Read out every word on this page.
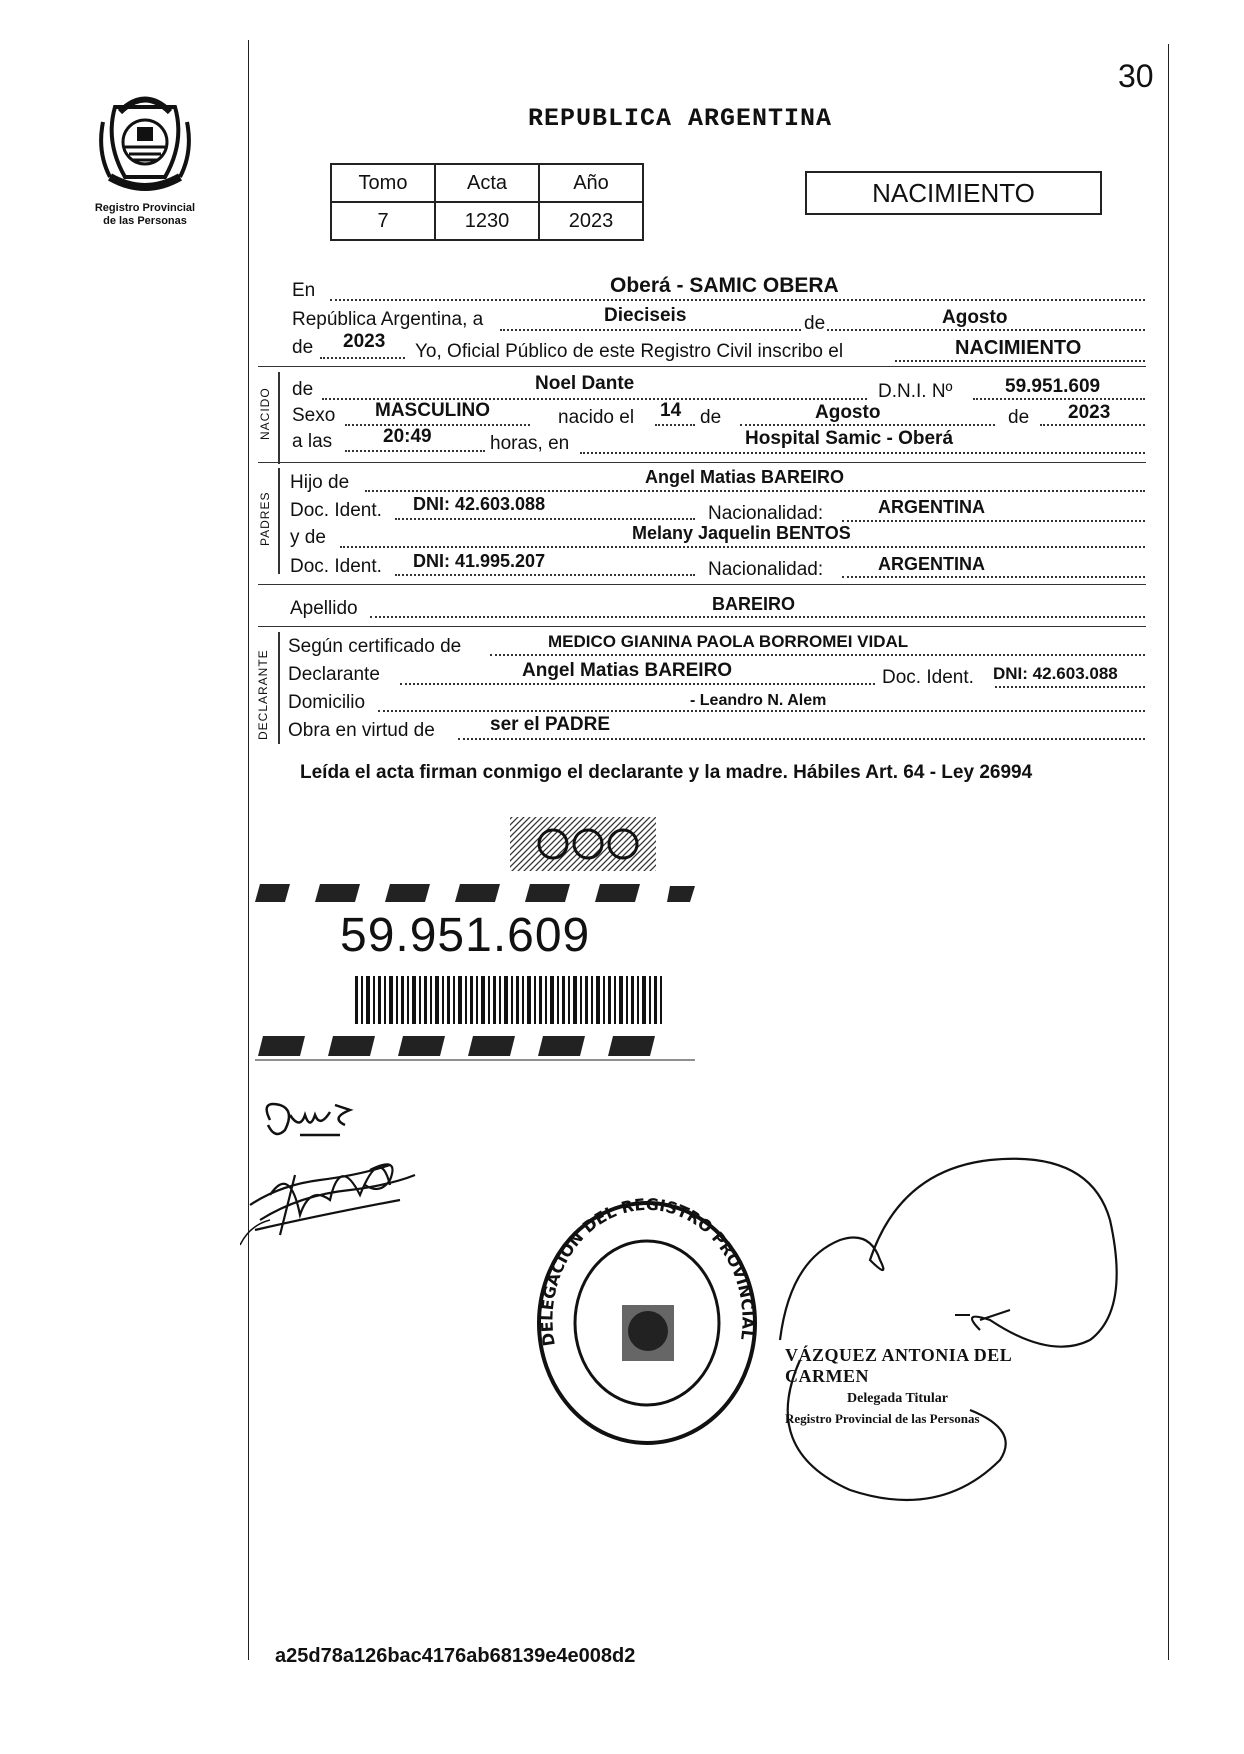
30
Registro Provincial
de las Personas
REPUBLICA ARGENTINA
Tomo	Acta	Año
7	1230	2023
NACIMIENTO
En	Oberá - SAMIC OBERA
República Argentina, a	Dieciseis	de	Agosto
de 2023 Yo, Oficial Público de este Registro Civil inscribo el	NACIMIENTO
NACIDO de	Noel Dante	D.N.I. Nº	59.951.609
Sexo MASCULINO	nacido el 14 de	Agosto	de 2023
a las	20:49	horas, en	Hospital Samic - Oberá
PADRES
Hijo de	Angel Matias BAREIRO
Doc. Ident. DNI: 42.603.088	Nacionalidad:	ARGENTINA
y de	Melany Jaquelin BENTOS
Doc. Ident. DNI: 41.995.207	Nacionalidad:	ARGENTINA
Apellido	BAREIRO
DECLARANTE
Según certificado de	MEDICO GIANINA PAOLA BORROMEI VIDAL
Declarante	Angel Matias BAREIRO	Doc. Ident. DNI: 42.603.088
Domicilio	- Leandro N. Alem
Obra en virtud de	ser el PADRE
Leída el acta firman conmigo el declarante y la madre. Hábiles Art. 64 - Ley 26994
59.951.609
DELEGACION DEL REGISTRO PROVINCIAL
VÁZQUEZ ANTONIA DEL CARMEN
Delegada Titular
Registro Provincial de las Personas
a25d78a126bac4176ab68139e4e008d2
